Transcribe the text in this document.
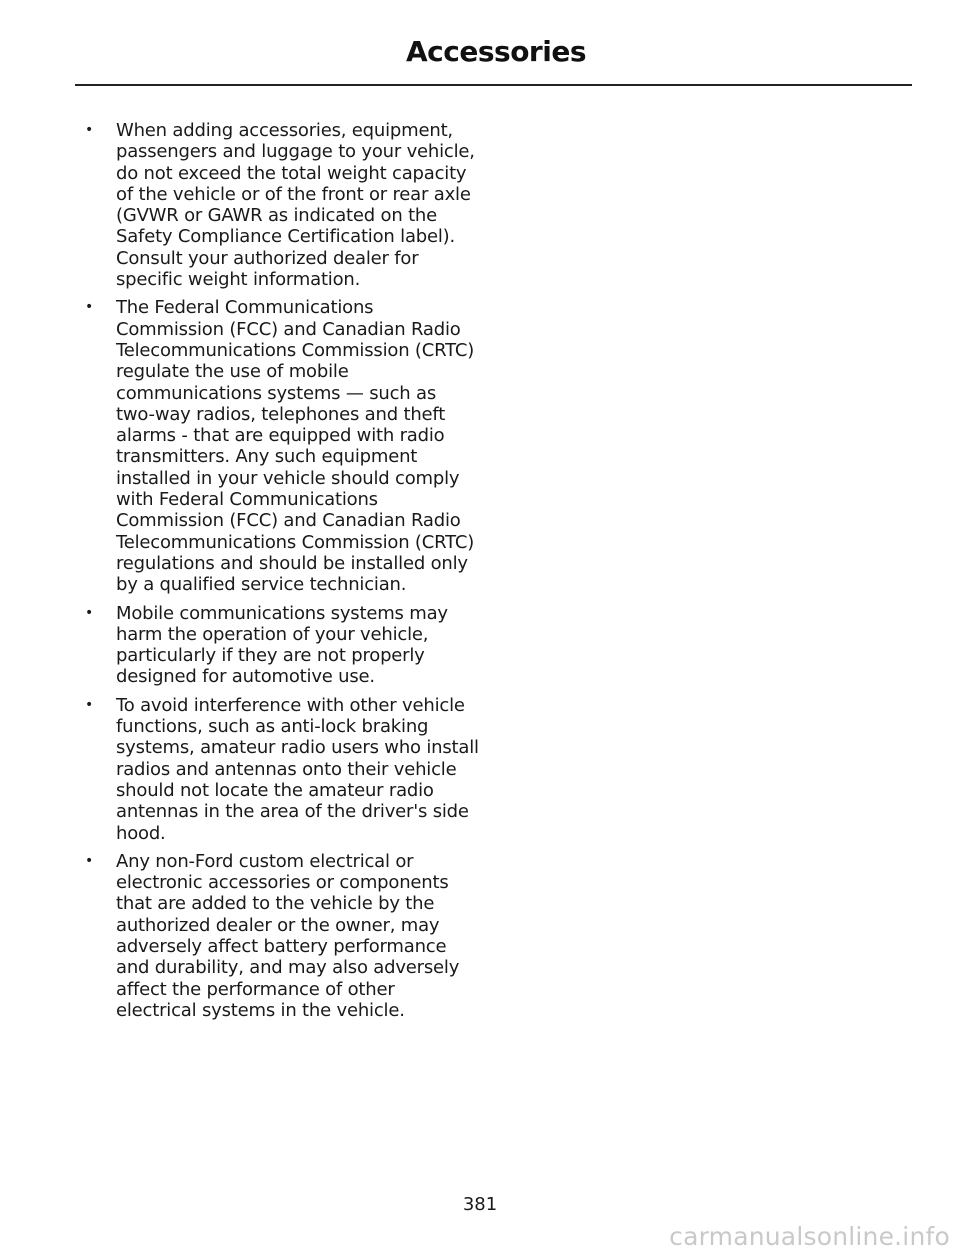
Accessories
• When adding accessories, equipment, passengers and luggage to your vehicle, do not exceed the total weight capacity of the vehicle or of the front or rear axle (GVWR or GAWR as indicated on the Safety Compliance Certification label). Consult your authorized dealer for specific weight information.
• The Federal Communications Commission (FCC) and Canadian Radio Telecommunications Commission (CRTC) regulate the use of mobile communications systems — such as two-way radios, telephones and theft alarms - that are equipped with radio transmitters. Any such equipment installed in your vehicle should comply with Federal Communications Commission (FCC) and Canadian Radio Telecommunications Commission (CRTC) regulations and should be installed only by a qualified service technician.
• Mobile communications systems may harm the operation of your vehicle, particularly if they are not properly designed for automotive use.
• To avoid interference with other vehicle functions, such as anti-lock braking systems, amateur radio users who install radios and antennas onto their vehicle should not locate the amateur radio antennas in the area of the driver's side hood.
• Any non-Ford custom electrical or electronic accessories or components that are added to the vehicle by the authorized dealer or the owner, may adversely affect battery performance and durability, and may also adversely affect the performance of other electrical systems in the vehicle.

381

carmanualsonline.info
